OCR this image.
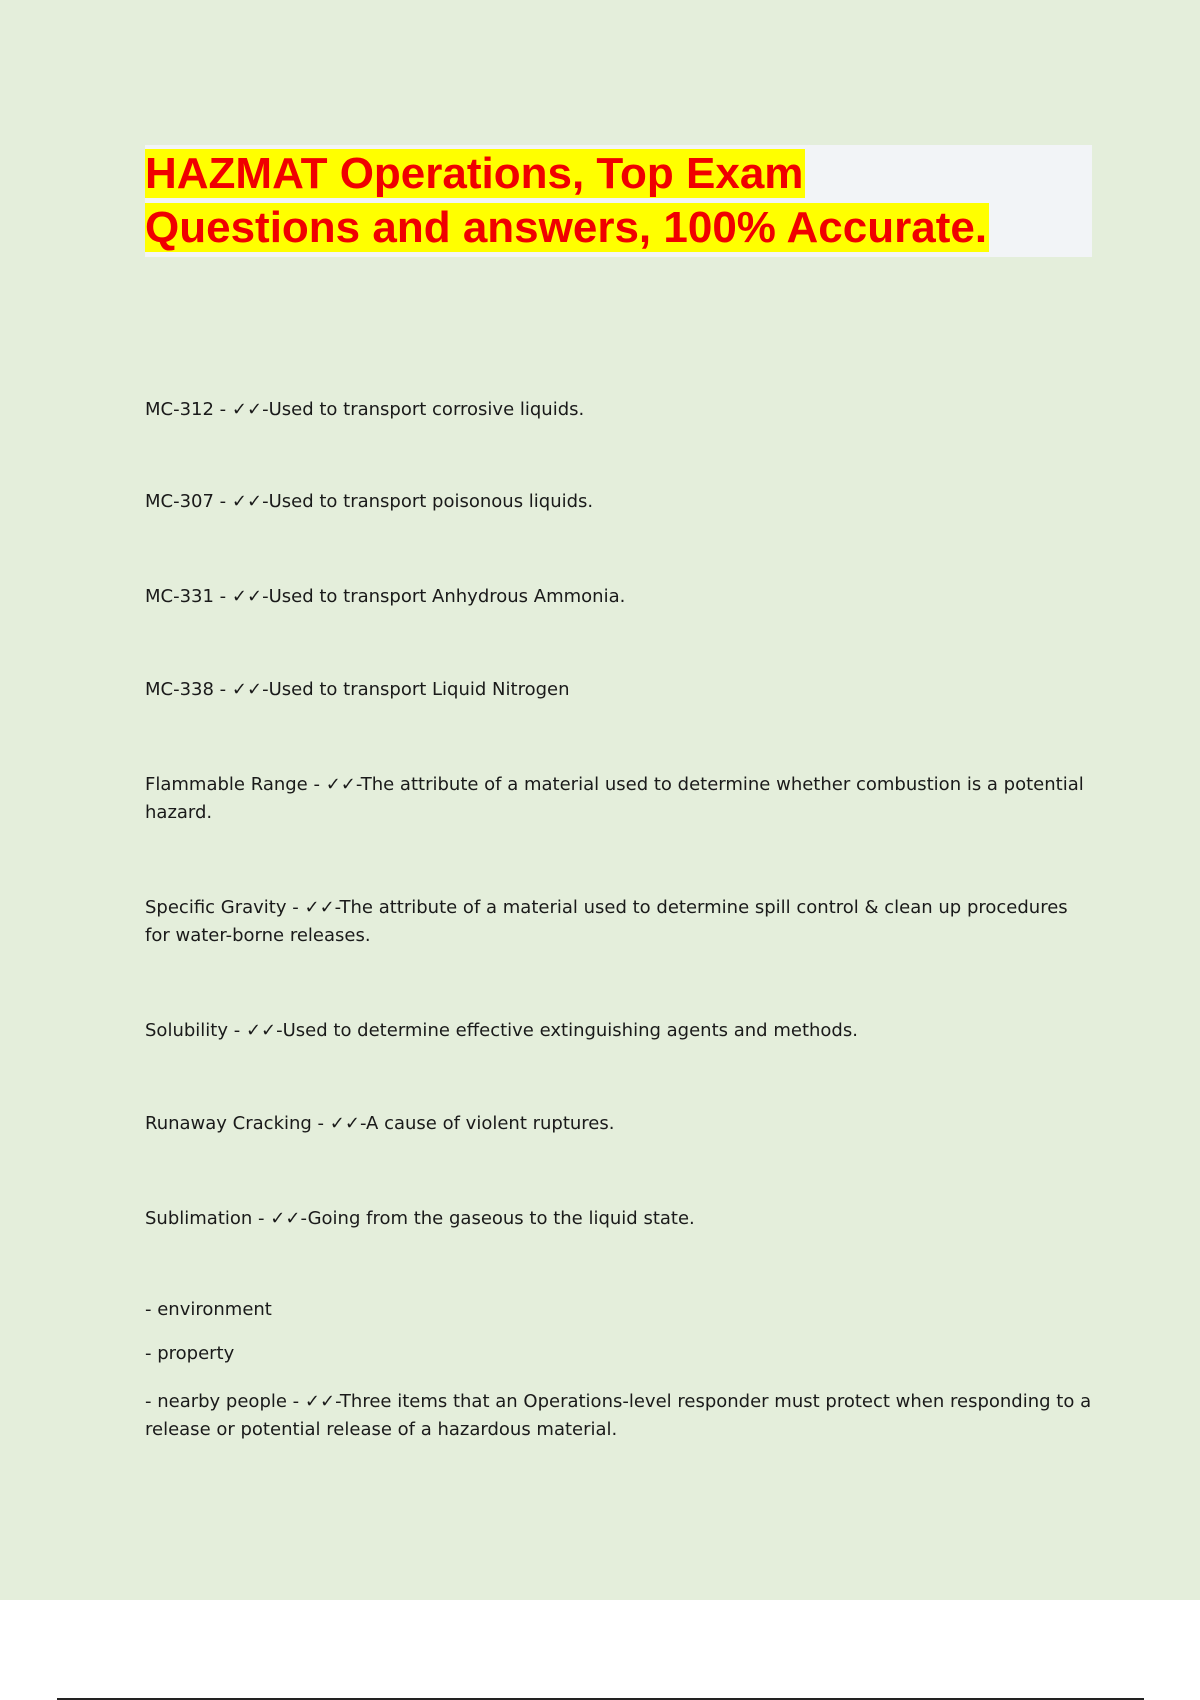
HAZMAT Operations, Top Exam
Questions and answers, 100% Accurate.

MC-312 - ✓✓-Used to transport corrosive liquids.

MC-307 - ✓✓-Used to transport poisonous liquids.

MC-331 - ✓✓-Used to transport Anhydrous Ammonia.

MC-338 - ✓✓-Used to transport Liquid Nitrogen

Flammable Range - ✓✓-The attribute of a material used to determine whether combustion is a potential hazard.

Specific Gravity - ✓✓-The attribute of a material used to determine spill control & clean up procedures for water-borne releases.

Solubility - ✓✓-Used to determine effective extinguishing agents and methods.

Runaway Cracking - ✓✓-A cause of violent ruptures.

Sublimation - ✓✓-Going from the gaseous to the liquid state.

- environment

- property

- nearby people - ✓✓-Three items that an Operations-level responder must protect when responding to a release or potential release of a hazardous material.
